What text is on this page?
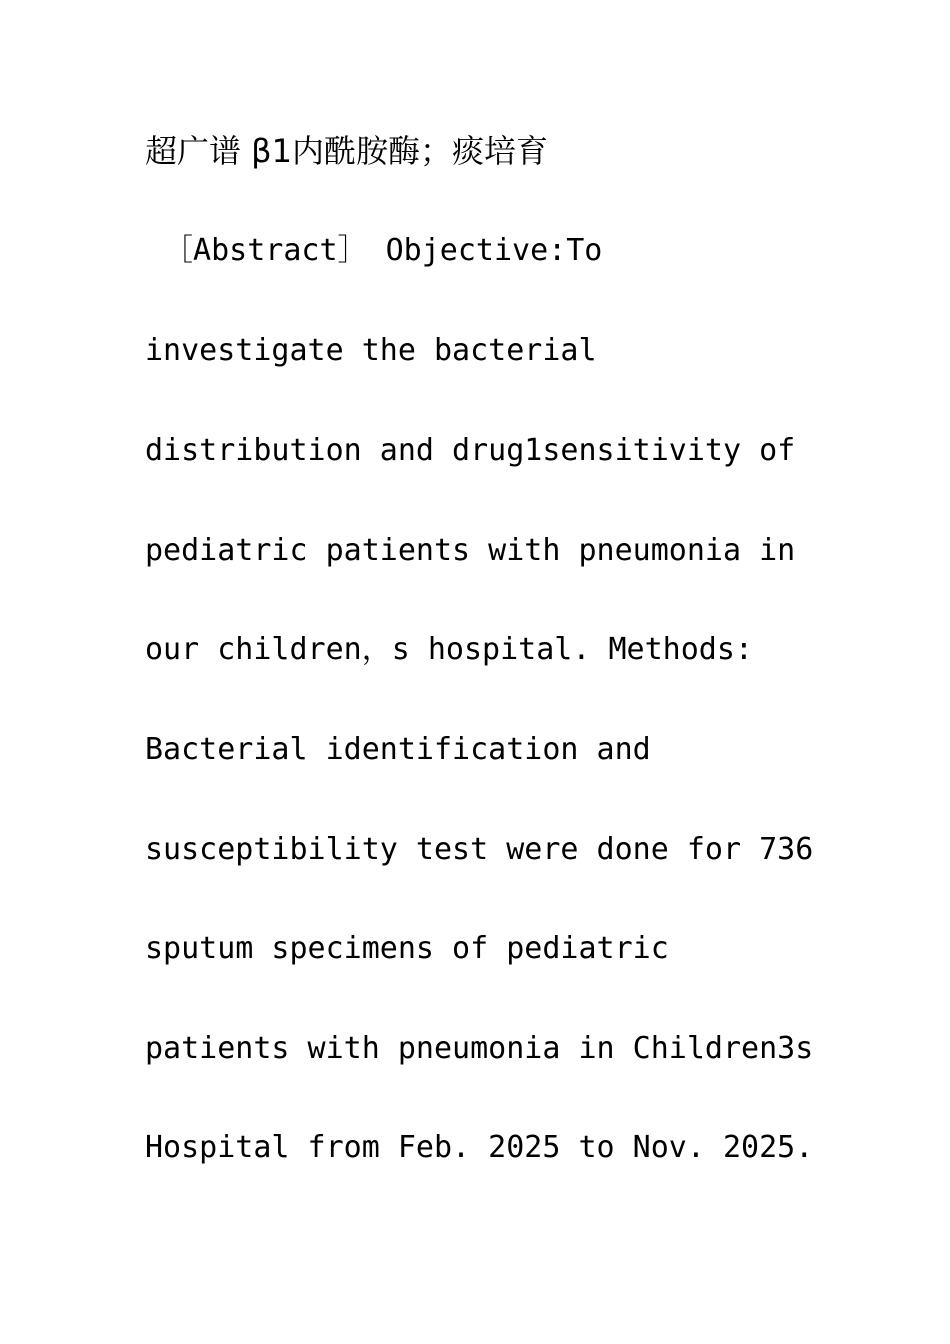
超广谱 β1内酰胺酶；痰培育
［Abstract］ Objective:To
investigate the bacterial
distribution and drug1sensitivity of
pediatric patients with pneumonia in
our children，s hospital. Methods:
Bacterial identification and
susceptibility test were done for 736
sputum specimens of pediatric
patients with pneumonia in Children3s
Hospital from Feb. 2025 to Nov. 2025.
